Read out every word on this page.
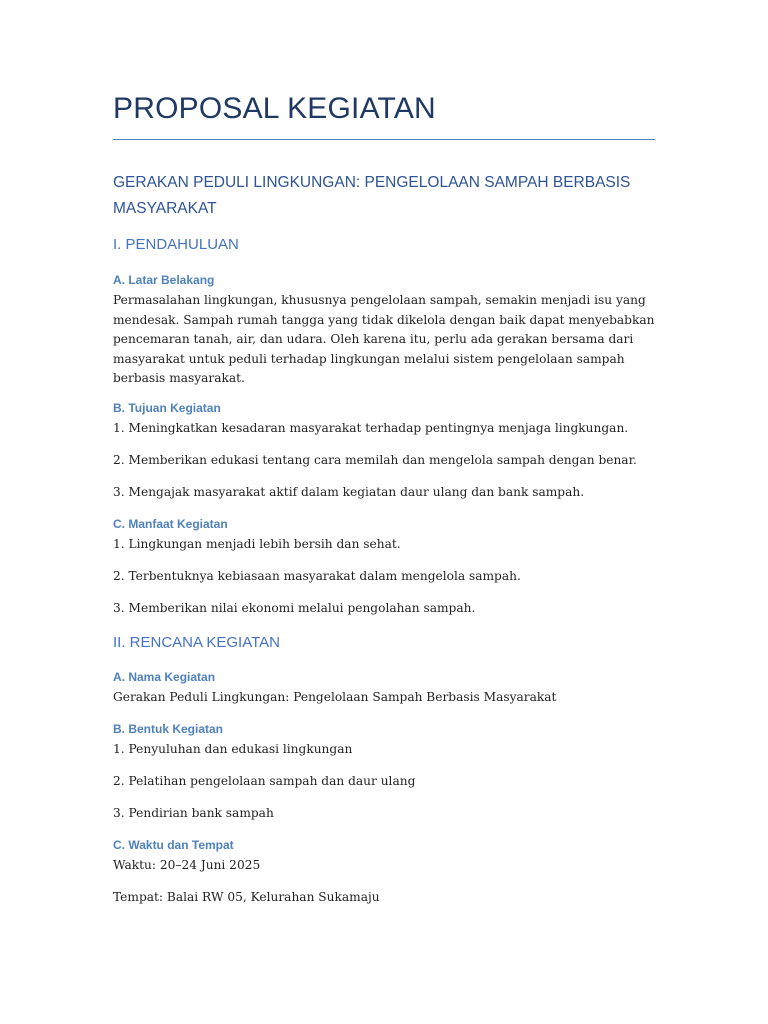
PROPOSAL KEGIATAN
GERAKAN PEDULI LINGKUNGAN: PENGELOLAAN SAMPAH BERBASIS MASYARAKAT
I. PENDAHULUAN
A. Latar Belakang

Permasalahan lingkungan, khususnya pengelolaan sampah, semakin menjadi isu yang mendesak. Sampah rumah tangga yang tidak dikelola dengan baik dapat menyebabkan pencemaran tanah, air, dan udara. Oleh karena itu, perlu ada gerakan bersama dari masyarakat untuk peduli terhadap lingkungan melalui sistem pengelolaan sampah berbasis masyarakat.

B. Tujuan Kegiatan

1. Meningkatkan kesadaran masyarakat terhadap pentingnya menjaga lingkungan.

2. Memberikan edukasi tentang cara memilah dan mengelola sampah dengan benar.

3. Mengajak masyarakat aktif dalam kegiatan daur ulang dan bank sampah.

C. Manfaat Kegiatan

1. Lingkungan menjadi lebih bersih dan sehat.

2. Terbentuknya kebiasaan masyarakat dalam mengelola sampah.

3. Memberikan nilai ekonomi melalui pengolahan sampah.

II. RENCANA KEGIATAN
A. Nama Kegiatan

Gerakan Peduli Lingkungan: Pengelolaan Sampah Berbasis Masyarakat

B. Bentuk Kegiatan

1. Penyuluhan dan edukasi lingkungan

2. Pelatihan pengelolaan sampah dan daur ulang

3. Pendirian bank sampah

C. Waktu dan Tempat

Waktu: 20–24 Juni 2025

Tempat: Balai RW 05, Kelurahan Sukamaju
